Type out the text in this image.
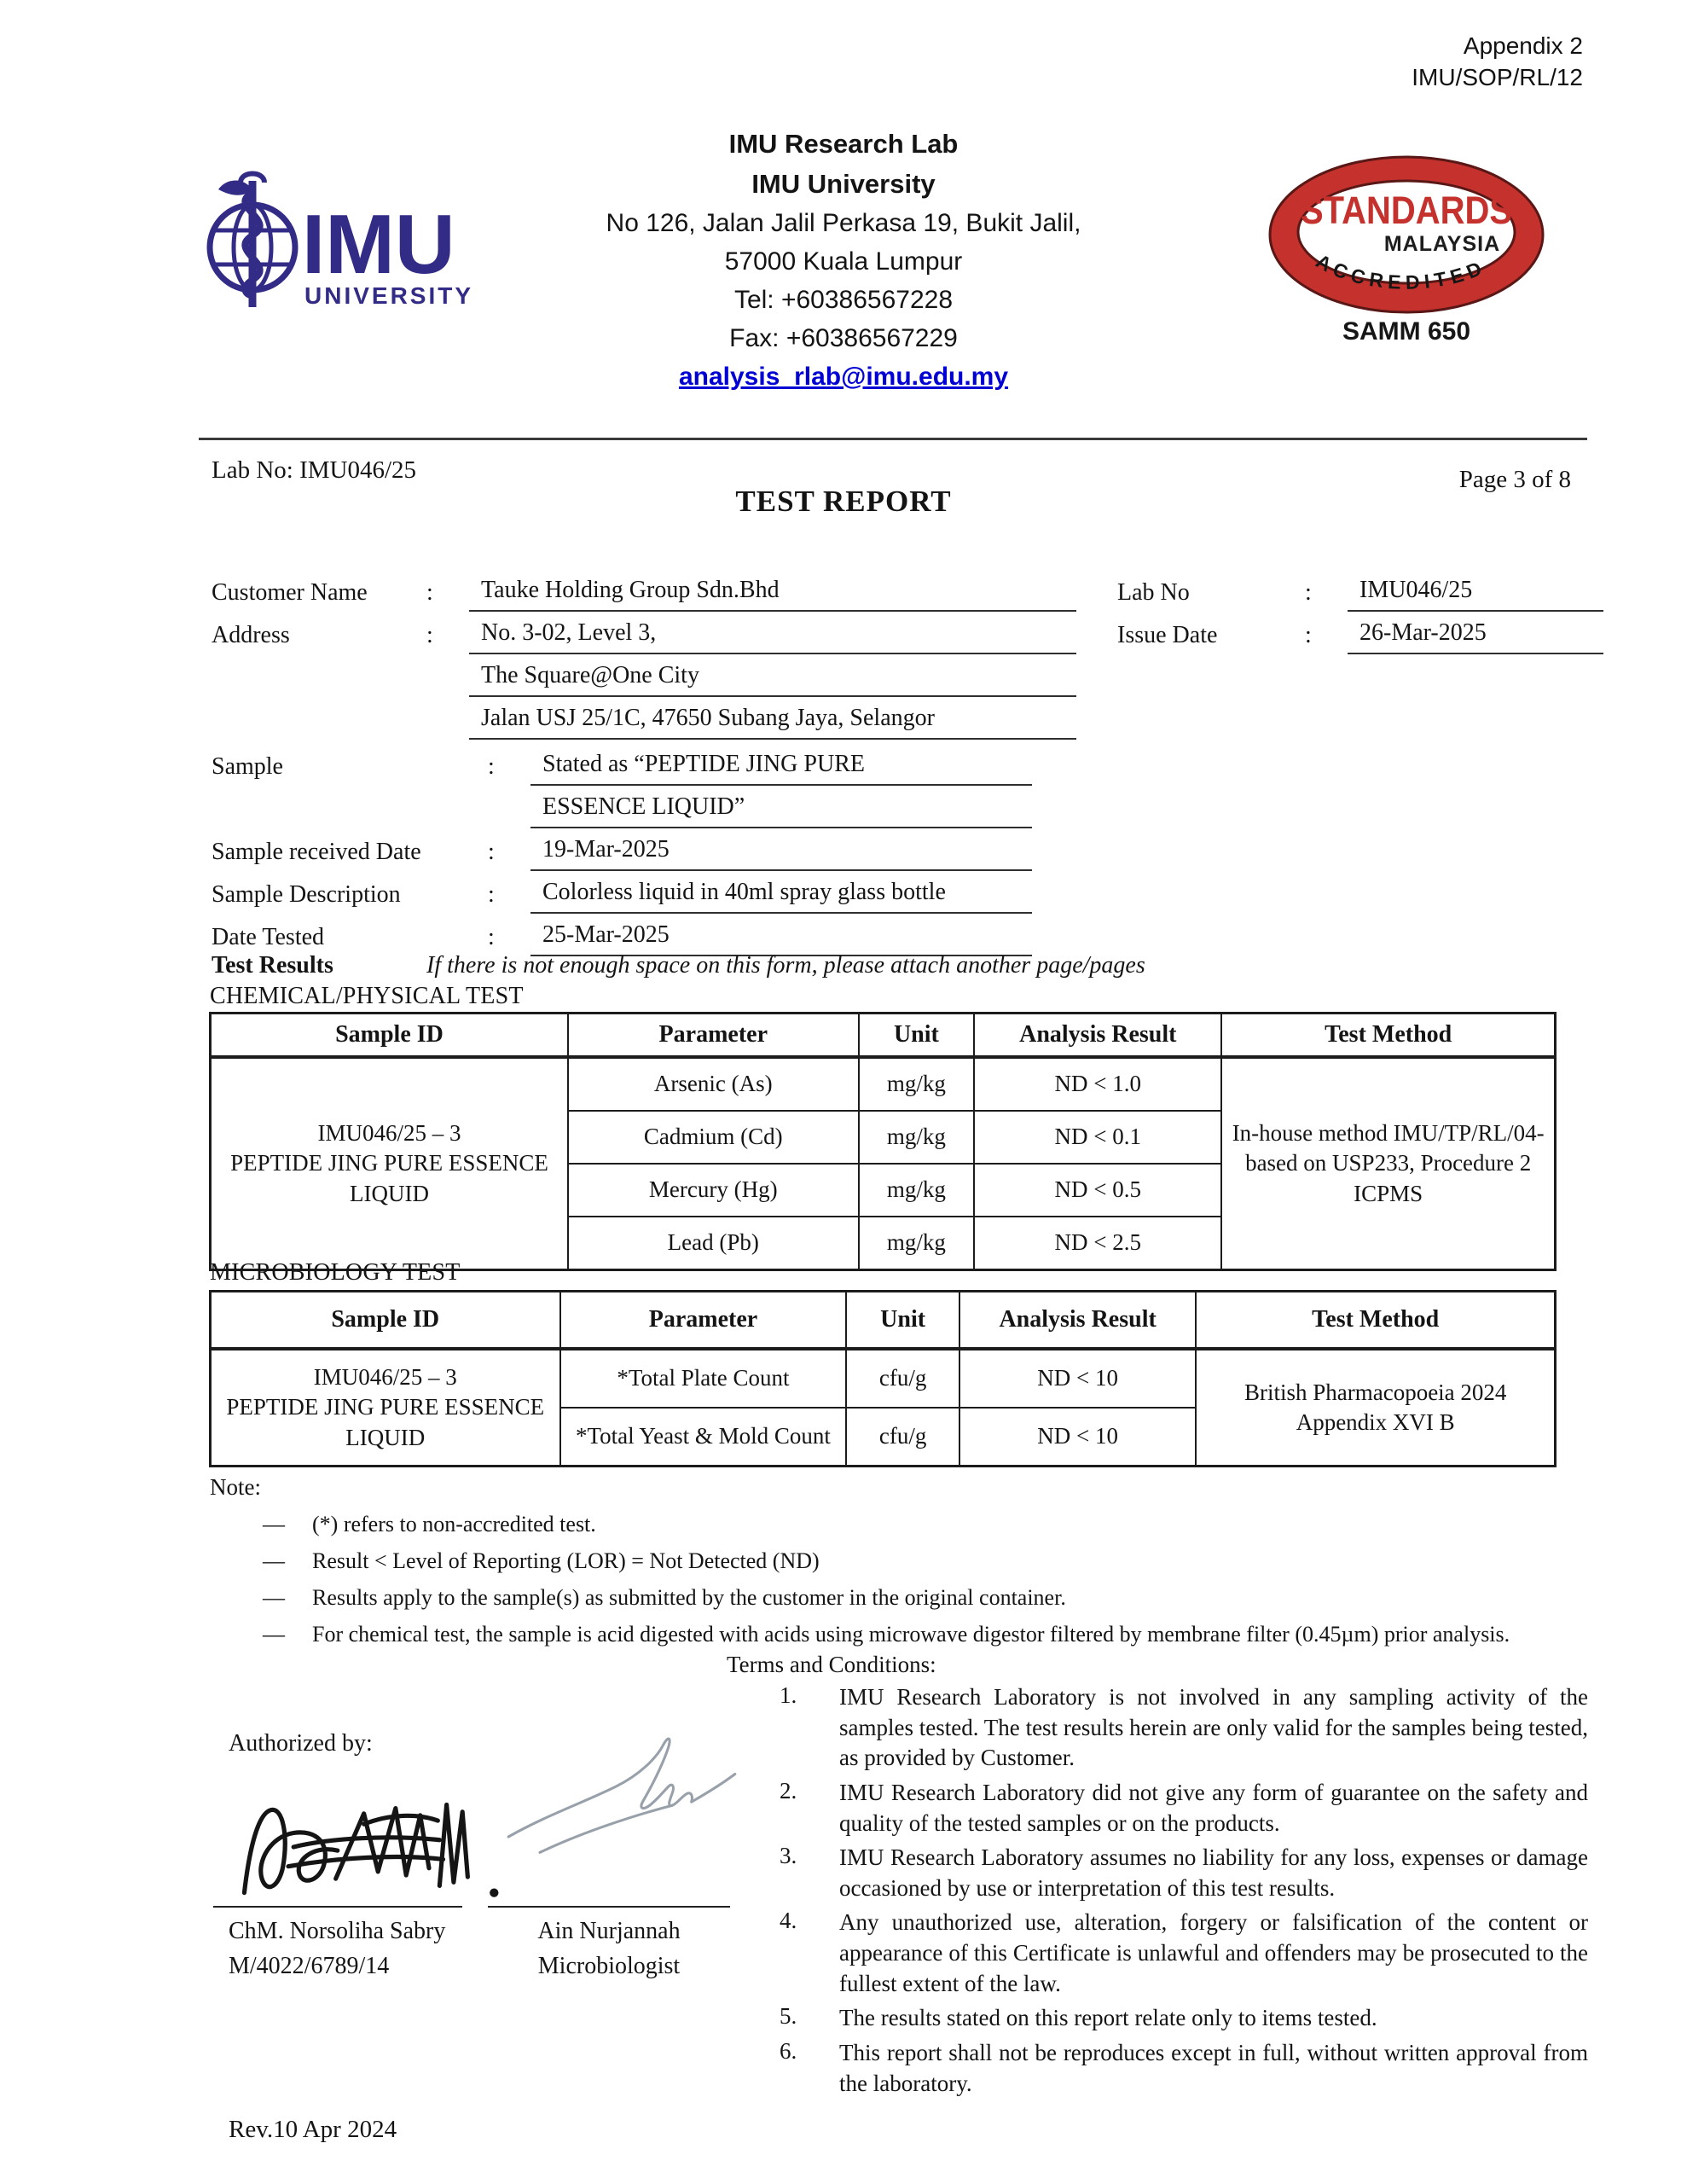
Appendix 2
IMU/SOP/RL/12
IMU
UNIVERSITY
IMU Research Lab
IMU University
No 126, Jalan Jalil Perkasa 19, Bukit Jalil,
57000 Kuala Lumpur
Tel: +60386567228
Fax: +60386567229
analysis_rlab@imu.edu.my
STANDARDS
MALAYSIA
ACCREDITED
SAMM 650
Lab No: IMU046/25	Page 3 of 8
TEST REPORT
Customer Name	:	Tauke Holding Group Sdn.Bhd
Address	:	No. 3-02, Level 3,
The Square@One City
Jalan USJ 25/1C, 47650 Subang Jaya, Selangor
Lab No	:	IMU046/25
Issue Date	:	26-Mar-2025
Sample	:	Stated as “PEPTIDE JING PURE
ESSENCE LIQUID”
Sample received Date	:	19-Mar-2025
Sample Description	:	Colorless liquid in 40ml spray glass bottle
Date Tested	:	25-Mar-2025
Test Results	If there is not enough space on this form, please attach another page/pages
CHEMICAL/PHYSICAL TEST
Sample ID	Parameter	Unit	Analysis Result	Test Method

IMU046/25 – 3
PEPTIDE JING PURE ESSENCE
LIQUID
	Arsenic (As)	mg/kg	ND < 1.0	
In-house method IMU/TP/RL/04-
based on USP233, Procedure 2
ICPMS

	Cadmium (Cd)	mg/kg	ND < 0.1	
	Mercury (Hg)	mg/kg	ND < 0.5	
	Lead (Pb)	mg/kg	ND < 2.5	
MICROBIOLOGY TEST
Sample ID	Parameter	Unit	Analysis Result	Test Method

IMU046/25 – 3
PEPTIDE JING PURE ESSENCE
LIQUID
	*Total Plate Count	cfu/g	ND < 10	
British Pharmacopoeia 2024
Appendix XVI B

	*Total Yeast & Mold Count	cfu/g	ND < 10	
Note:
—	(*) refers to non-accredited test.
—	Result < Level of Reporting (LOR) = Not Detected (ND)
—	Results apply to the sample(s) as submitted by the customer in the original container.
—	For chemical test, the sample is acid digested with acids using microwave digestor filtered by membrane filter (0.45µm) prior analysis.
Terms and Conditions:
1.	IMU Research Laboratory is not involved in any sampling activity of the samples tested. The test results herein are only valid for the samples being tested, as provided by Customer.
2.	IMU Research Laboratory did not give any form of guarantee on the safety and quality of the tested samples or on the products.
3.	IMU Research Laboratory assumes no liability for any loss, expenses or damage occasioned by use or interpretation of this test results.
4.	Any unauthorized use, alteration, forgery or falsification of the content or appearance of this Certificate is unlawful and offenders may be prosecuted to the fullest extent of the law.
5.	The results stated on this report relate only to items tested.
6.	This report shall not be reproduces except in full, without written approval from the laboratory.
Authorized by:
ChM. Norsoliha Sabry
M/4022/6789/14
Ain Nurjannah
Microbiologist
Rev.10 Apr 2024
